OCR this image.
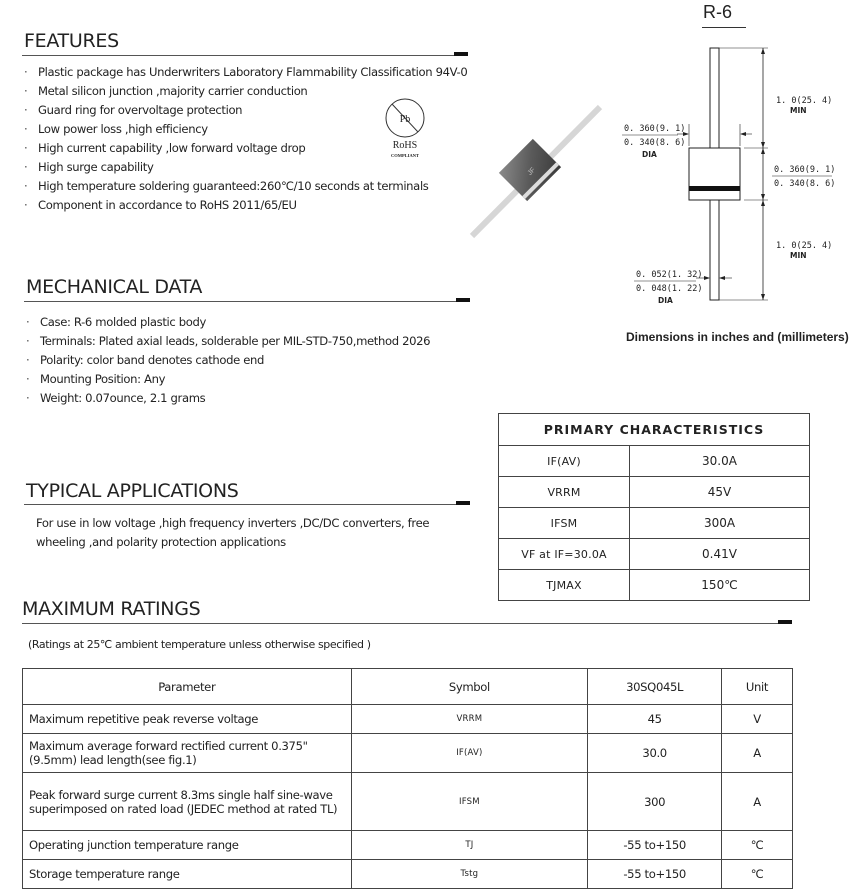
FEATURES
· Plastic package has Underwriters Laboratory Flammability Classification 94V-0
· Metal silicon junction ,majority carrier conduction
· Guard ring for overvoltage protection
· Low power loss ,high efficiency
· High current capability ,low forward voltage drop
· High surge capability
· High temperature soldering guaranteed:260℃/10 seconds at terminals
· Component in accordance to RoHS 2011/65/EU
Pb
RoHS
COMPLIANT
JF
R-6
1. 0(25. 4)
MIN
0. 360(9. 1)
0. 340(8. 6)
1. 0(25. 4)
MIN
0. 360(9. 1)
0. 340(8. 6)
DIA
0. 052(1. 32)
0. 048(1. 22)
DIA
Dimensions in inches and (millimeters)
MECHANICAL DATA
· Case: R-6 molded plastic body
· Terminals: Plated axial leads, solderable per MIL-STD-750,method 2026
· Polarity: color band denotes cathode end
· Mounting Position: Any
· Weight: 0.07ounce, 2.1 grams
PRIMARY CHARACTERISTICS	
IF(AV)	30.0A
VRRM	45V
IFSM	300A
VF at IF=30.0A	0.41V
TJMAX	150℃
TYPICAL APPLICATIONS
For use in low voltage ,high frequency inverters ,DC/DC converters, free wheeling ,and polarity protection applications
MAXIMUM RATINGS
(Ratings at 25℃ ambient temperature unless otherwise specified )
Parameter	Symbol	30SQ045L	Unit
Maximum repetitive peak reverse voltage	VRRM	45	V
Maximum average forward rectified current 0.375"(9.5mm) lead length(see fig.1)	IF(AV)	30.0	A
Peak forward surge current 8.3ms single half sine-wave superimposed on rated load (JEDEC method at rated TL)	IFSM	300	A
Operating junction temperature range	TJ	-55 to+150	℃
Storage temperature range	Tstg	-55 to+150	℃
